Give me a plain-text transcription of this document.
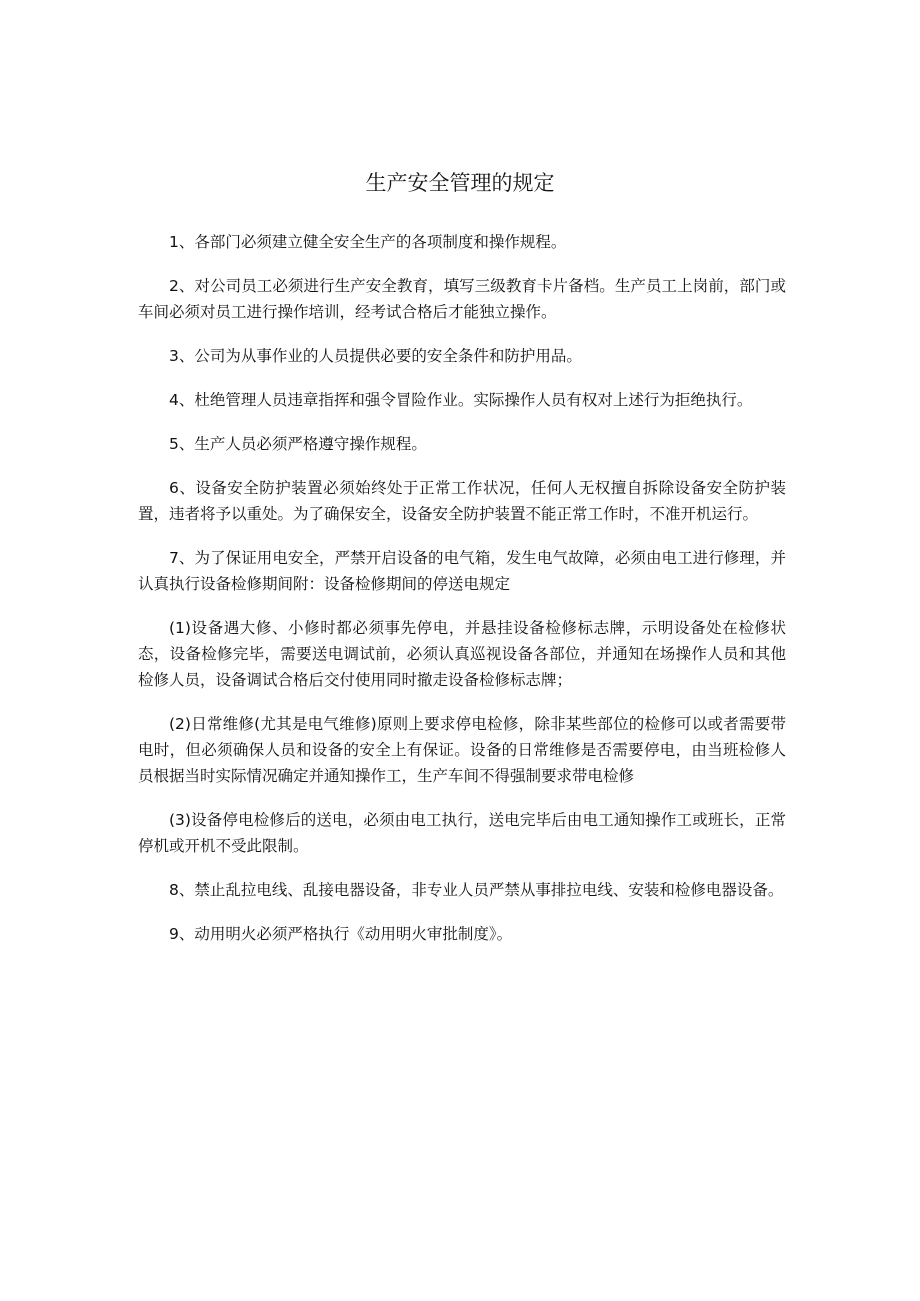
生产安全管理的规定

1、各部门必须建立健全安全生产的各项制度和操作规程。

2、对公司员工必须进行生产安全教育，填写三级教育卡片备档。生产员工上岗前，部门或车间必须对员工进行操作培训，经考试合格后才能独立操作。

3、公司为从事作业的人员提供必要的安全条件和防护用品。

4、杜绝管理人员违章指挥和强令冒险作业。实际操作人员有权对上述行为拒绝执行。

5、生产人员必须严格遵守操作规程。

6、设备安全防护装置必须始终处于正常工作状况，任何人无权擅自拆除设备安全防护装置，违者将予以重处。为了确保安全，设备安全防护装置不能正常工作时，不准开机运行。

7、为了保证用电安全，严禁开启设备的电气箱，发生电气故障，必须由电工进行修理，并认真执行设备检修期间附：设备检修期间的停送电规定

(1)设备遇大修、小修时都必须事先停电，并悬挂设备检修标志牌，示明设备处在检修状态，设备检修完毕，需要送电调试前，必须认真巡视设备各部位，并通知在场操作人员和其他检修人员，设备调试合格后交付使用同时撤走设备检修标志牌；

(2)日常维修(尤其是电气维修)原则上要求停电检修，除非某些部位的检修可以或者需要带电时，但必须确保人员和设备的安全上有保证。设备的日常维修是否需要停电，由当班检修人员根据当时实际情况确定并通知操作工，生产车间不得强制要求带电检修

(3)设备停电检修后的送电，必须由电工执行，送电完毕后由电工通知操作工或班长，正常停机或开机不受此限制。

8、禁止乱拉电线、乱接电器设备，非专业人员严禁从事排拉电线、安装和检修电器设备。

9、动用明火必须严格执行《动用明火审批制度》。
